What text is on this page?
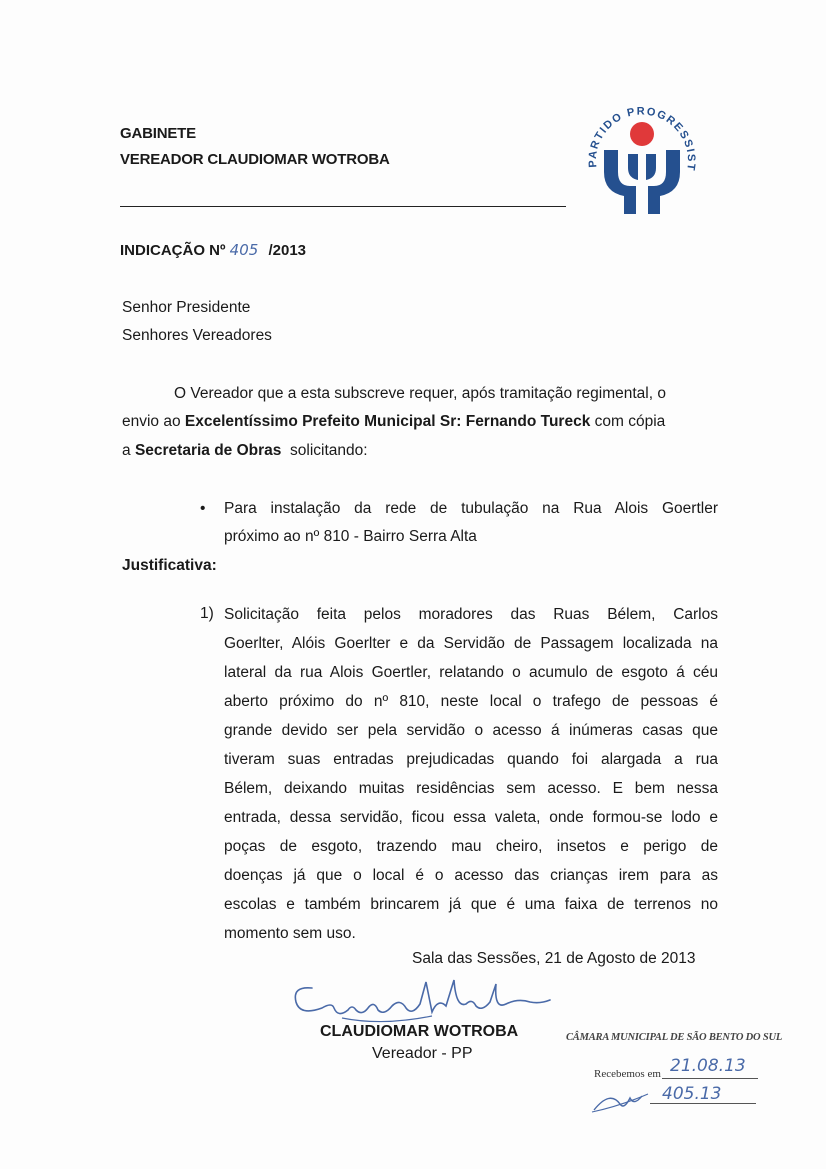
GABINETE
VEREADOR CLAUDIOMAR WOTROBA	PARTIDO PROGRESSIST
INDICAÇÃO Nº 405 /2013
Senhor Presidente
Senhores Vereadores
O Vereador que a esta subscreve requer, após tramitação regimental, o
envio ao Excelentíssimo Prefeito Municipal Sr: Fernando Tureck com cópia
a Secretaria de Obras  solicitando:
• Para instalação da rede de tubulação na Rua Alois Goertler
próximo ao nº 810 - Bairro Serra Alta
Justificativa:
1) Solicitação feita pelos moradores das Ruas Bélem, Carlos
Goerlter, Alóis Goerlter e da Servidão de Passagem localizada na
lateral da rua Alois Goertler, relatando o acumulo de esgoto á céu
aberto próximo do nº 810, neste local o trafego de pessoas é
grande devido ser pela servidão o acesso á inúmeras casas que
tiveram suas entradas prejudicadas quando foi alargada a rua
Bélem, deixando muitas residências sem acesso. E bem nessa
entrada, dessa servidão, ficou essa valeta, onde formou-se lodo e
poças de esgoto, trazendo mau cheiro, insetos e perigo de
doenças já que o local é o acesso das crianças irem para as
escolas e também brincarem já que é uma faixa de terrenos no
momento sem uso.
Sala das Sessões, 21 de Agosto de 2013
CLAUDIOMAR WOTROBA
Vereador - PP
CÂMARA MUNICIPAL DE SÃO BENTO DO SUL
Recebemos em 21.08.13
405.13
